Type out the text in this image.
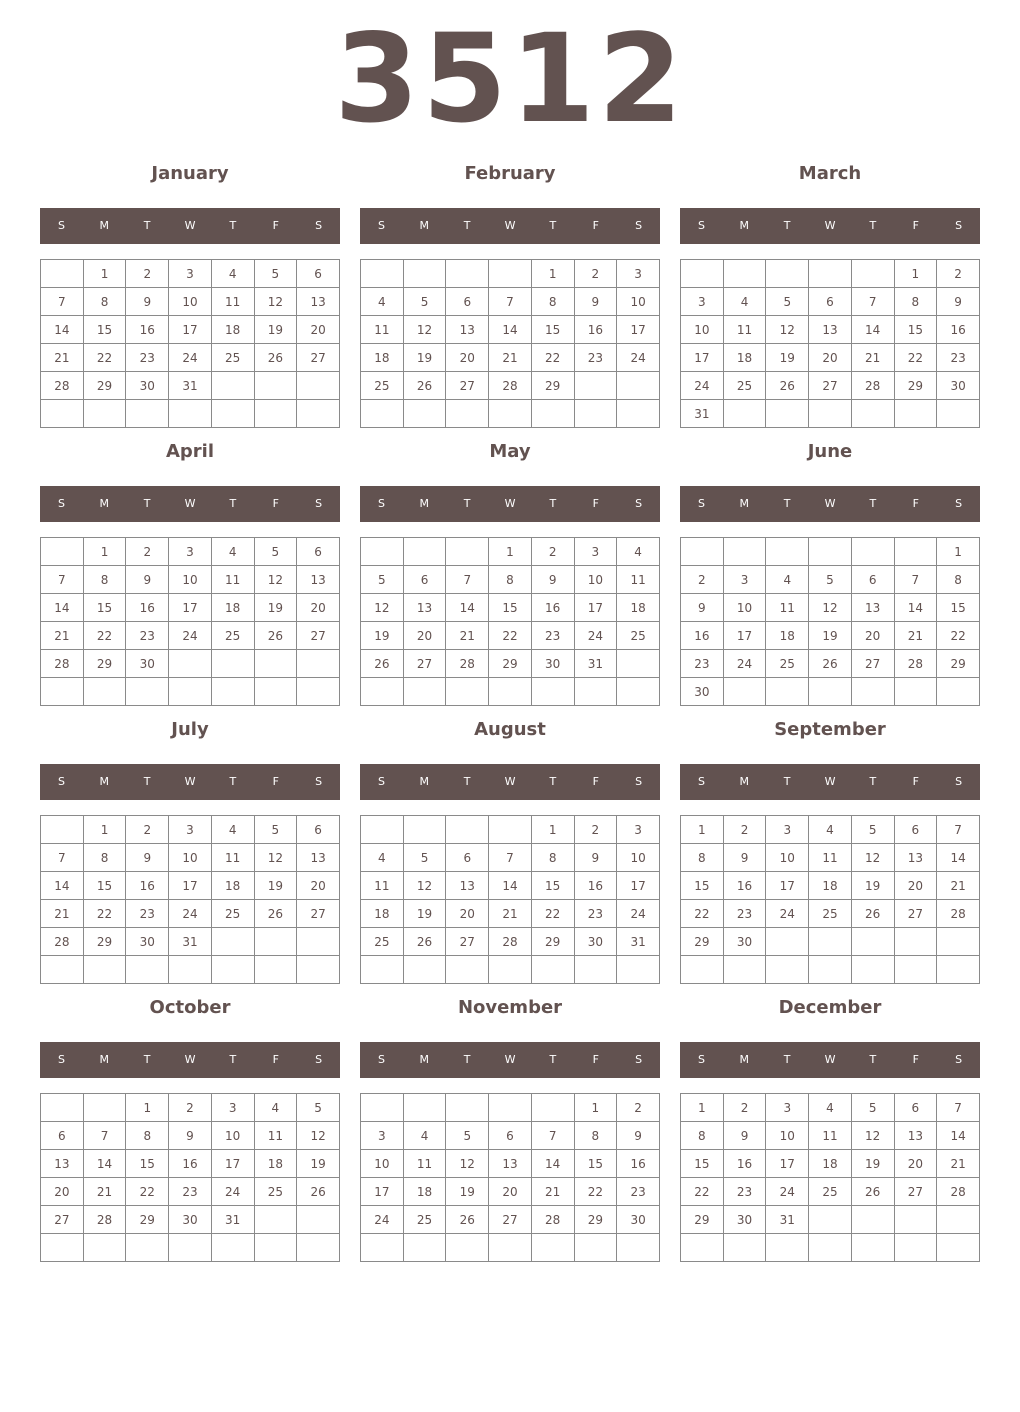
3512
January
S	M	T	W	T	F	S
	1	2	3	4	5	6
7	8	9	10	11	12	13
14	15	16	17	18	19	20
21	22	23	24	25	26	27
28	29	30	31			

February
S	M	T	W	T	F	S
				1	2	3
4	5	6	7	8	9	10
11	12	13	14	15	16	17
18	19	20	21	22	23	24
25	26	27	28	29		

March
S	M	T	W	T	F	S
					1	2
3	4	5	6	7	8	9
10	11	12	13	14	15	16
17	18	19	20	21	22	23
24	25	26	27	28	29	30
31						
April
S	M	T	W	T	F	S
	1	2	3	4	5	6
7	8	9	10	11	12	13
14	15	16	17	18	19	20
21	22	23	24	25	26	27
28	29	30				

May
S	M	T	W	T	F	S
			1	2	3	4
5	6	7	8	9	10	11
12	13	14	15	16	17	18
19	20	21	22	23	24	25
26	27	28	29	30	31	

June
S	M	T	W	T	F	S
						1
2	3	4	5	6	7	8
9	10	11	12	13	14	15
16	17	18	19	20	21	22
23	24	25	26	27	28	29
30						
July
S	M	T	W	T	F	S
	1	2	3	4	5	6
7	8	9	10	11	12	13
14	15	16	17	18	19	20
21	22	23	24	25	26	27
28	29	30	31			

August
S	M	T	W	T	F	S
				1	2	3
4	5	6	7	8	9	10
11	12	13	14	15	16	17
18	19	20	21	22	23	24
25	26	27	28	29	30	31

September
S	M	T	W	T	F	S
1	2	3	4	5	6	7
8	9	10	11	12	13	14
15	16	17	18	19	20	21
22	23	24	25	26	27	28
29	30					

October
S	M	T	W	T	F	S
		1	2	3	4	5
6	7	8	9	10	11	12
13	14	15	16	17	18	19
20	21	22	23	24	25	26
27	28	29	30	31		

November
S	M	T	W	T	F	S
					1	2
3	4	5	6	7	8	9
10	11	12	13	14	15	16
17	18	19	20	21	22	23
24	25	26	27	28	29	30

December
S	M	T	W	T	F	S
1	2	3	4	5	6	7
8	9	10	11	12	13	14
15	16	17	18	19	20	21
22	23	24	25	26	27	28
29	30	31				
